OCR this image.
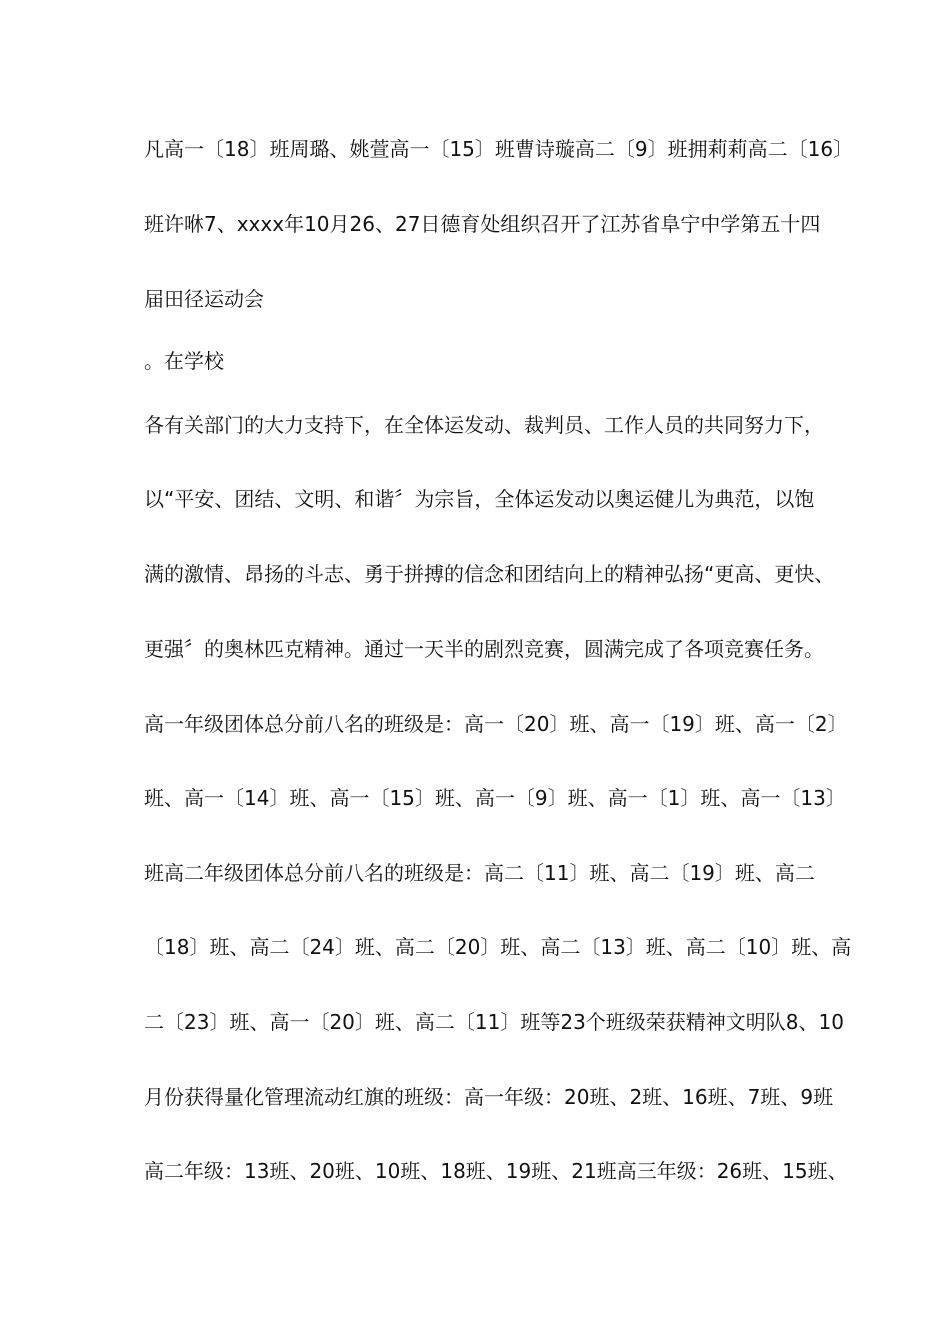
凡高一〔18〕班周璐、姚萱高一〔15〕班曹诗璇高二〔9〕班拥莉莉高二〔16〕
班许咻7、xxxx年10月26、27日德育处组织召开了江苏省阜宁中学第五十四
届田径运动会
。在学校
各有关部门的大力支持下，在全体运发动、裁判员、工作人员的共同努力下，
以“平安、团结、文明、和谐〞为宗旨，全体运发动以奥运健儿为典范，以饱
满的激情、昂扬的斗志、勇于拼搏的信念和团结向上的精神弘扬“更高、更快、
更强〞的奥林匹克精神。通过一天半的剧烈竞赛，圆满完成了各项竞赛任务。
高一年级团体总分前八名的班级是：高一〔20〕班、高一〔19〕班、高一〔2〕
班、高一〔14〕班、高一〔15〕班、高一〔9〕班、高一〔1〕班、高一〔13〕
班高二年级团体总分前八名的班级是：高二〔11〕班、高二〔19〕班、高二
〔18〕班、高二〔24〕班、高二〔20〕班、高二〔13〕班、高二〔10〕班、高
二〔23〕班、高一〔20〕班、高二〔11〕班等23个班级荣获精神文明队8、10
月份获得量化管理流动红旗的班级：高一年级：20班、2班、16班、7班、9班
高二年级：13班、20班、10班、18班、19班、21班高三年级：26班、15班、
